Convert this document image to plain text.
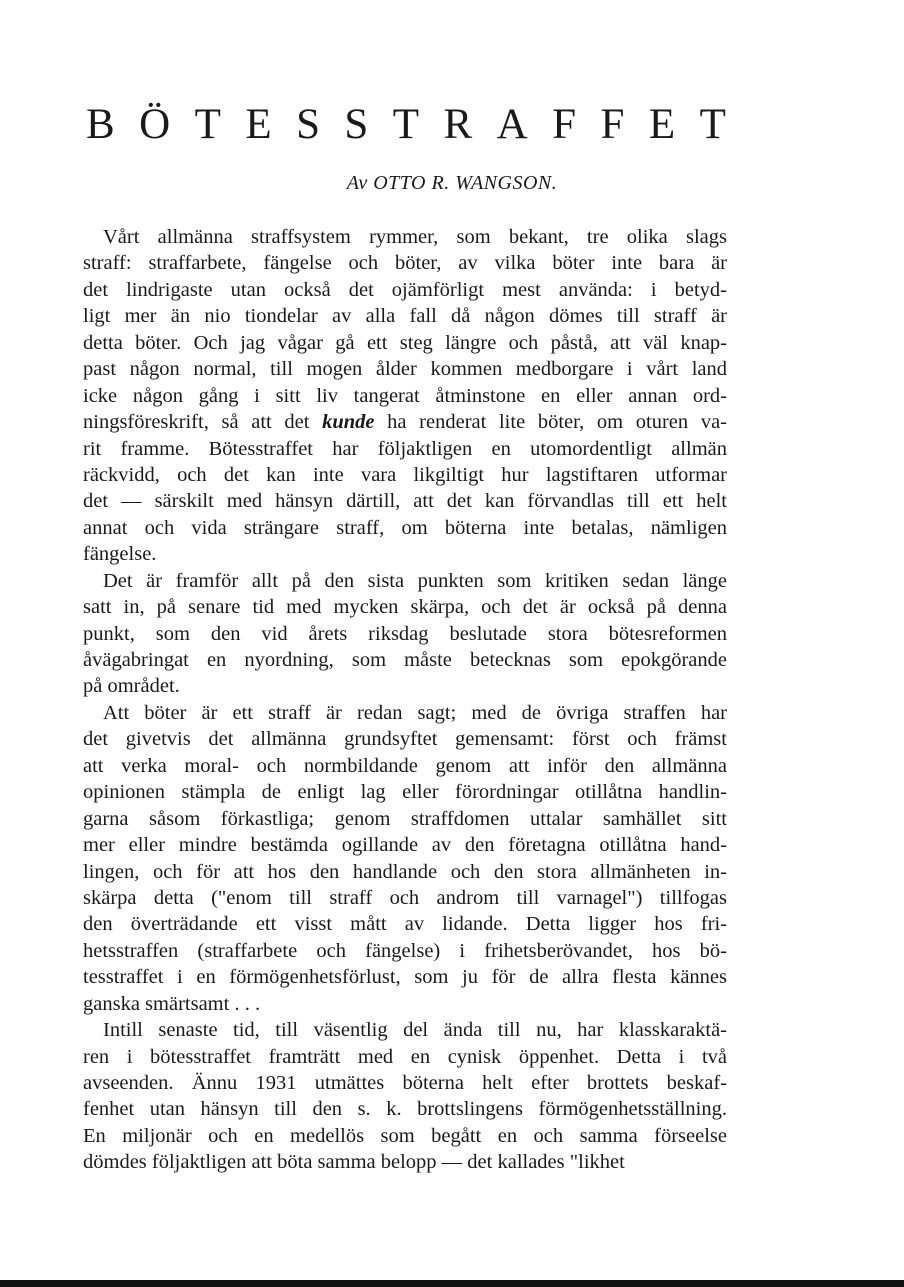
B Ö T E S S T R A F F E T
Av OTTO R. WANGSON.
Vårt allmänna straffsystem rymmer, som bekant, tre olika slags
straff: straffarbete, fängelse och böter, av vilka böter inte bara är
det lindrigaste utan också det ojämförligt mest använda: i betyd-
ligt mer än nio tiondelar av alla fall då någon dömes till straff är
detta böter. Och jag vågar gå ett steg längre och påstå, att väl knap-
past någon normal, till mogen ålder kommen medborgare i vårt land
icke någon gång i sitt liv tangerat åtminstone en eller annan ord-
ningsföreskrift, så att det kunde ha renderat lite böter, om oturen va-
rit framme. Bötesstraffet har följaktligen en utomordentligt allmän
räckvidd, och det kan inte vara likgiltigt hur lagstiftaren utformar
det — särskilt med hänsyn därtill, att det kan förvandlas till ett helt
annat och vida strängare straff, om böterna inte betalas, nämligen
fängelse.
Det är framför allt på den sista punkten som kritiken sedan länge
satt in, på senare tid med mycken skärpa, och det är också på denna
punkt, som den vid årets riksdag beslutade stora bötesreformen
åvägabringat en nyordning, som måste betecknas som epokgörande
på området.
Att böter är ett straff är redan sagt; med de övriga straffen har
det givetvis det allmänna grundsyftet gemensamt: först och främst
att verka moral- och normbildande genom att inför den allmänna
opinionen stämpla de enligt lag eller förordningar otillåtna handlin-
garna såsom förkastliga; genom straffdomen uttalar samhället sitt
mer eller mindre bestämda ogillande av den företagna otillåtna hand-
lingen, och för att hos den handlande och den stora allmänheten in-
skärpa detta ("enom till straff och androm till varnagel") tillfogas
den överträdande ett visst mått av lidande. Detta ligger hos fri-
hetsstraffen (straffarbete och fängelse) i frihetsberövandet, hos bö-
tesstraffet i en förmögenhetsförlust, som ju för de allra flesta kännes
ganska smärtsamt . . .
Intill senaste tid, till väsentlig del ända till nu, har klasskaraktä-
ren i bötesstraffet framträtt med en cynisk öppenhet. Detta i två
avseenden. Ännu 1931 utmättes böterna helt efter brottets beskaf-
fenhet utan hänsyn till den s. k. brottslingens förmögenhetsställning.
En miljonär och en medellös som begått en och samma förseelse
dömdes följaktligen att böta samma belopp — det kallades "likhet
